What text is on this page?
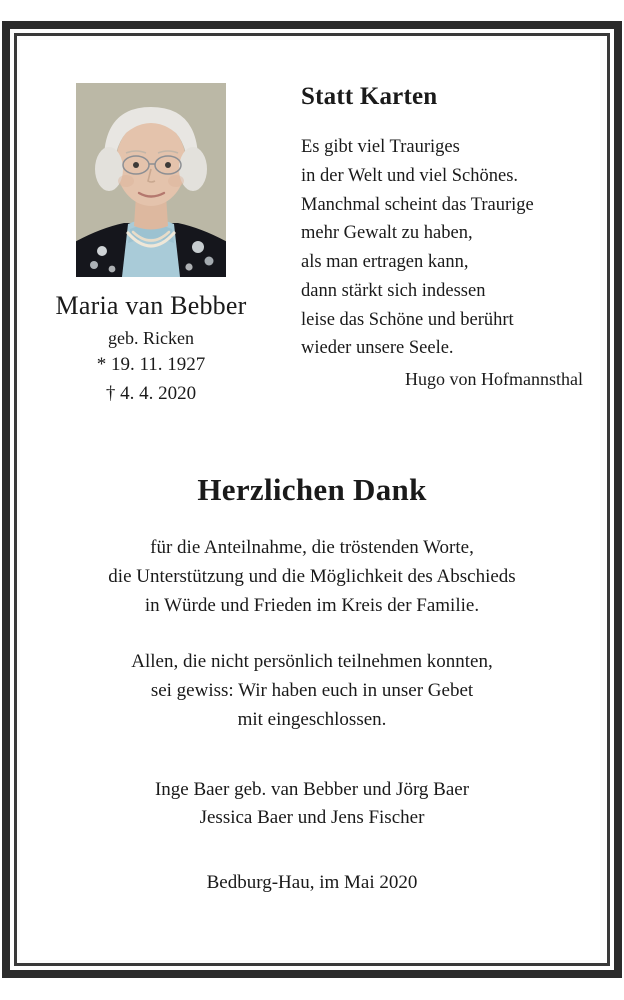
Maria van Bebber
geb. Ricken
* 19. 11. 1927
† 4. 4. 2020
Statt Karten
Es gibt viel Trauriges
in der Welt und viel Schönes.
Manchmal scheint das Traurige
mehr Gewalt zu haben,
als man ertragen kann,
dann stärkt sich indessen
leise das Schöne und berührt
wieder unsere Seele.
Hugo von Hofmannsthal
Herzlichen Dank
für die Anteilnahme, die tröstenden Worte,
die Unterstützung und die Möglichkeit des Abschieds
in Würde und Frieden im Kreis der Familie.
Allen, die nicht persönlich teilnehmen konnten,
sei gewiss: Wir haben euch in unser Gebet
mit eingeschlossen.
Inge Baer geb. van Bebber und Jörg Baer
Jessica Baer und Jens Fischer
Bedburg-Hau, im Mai 2020
